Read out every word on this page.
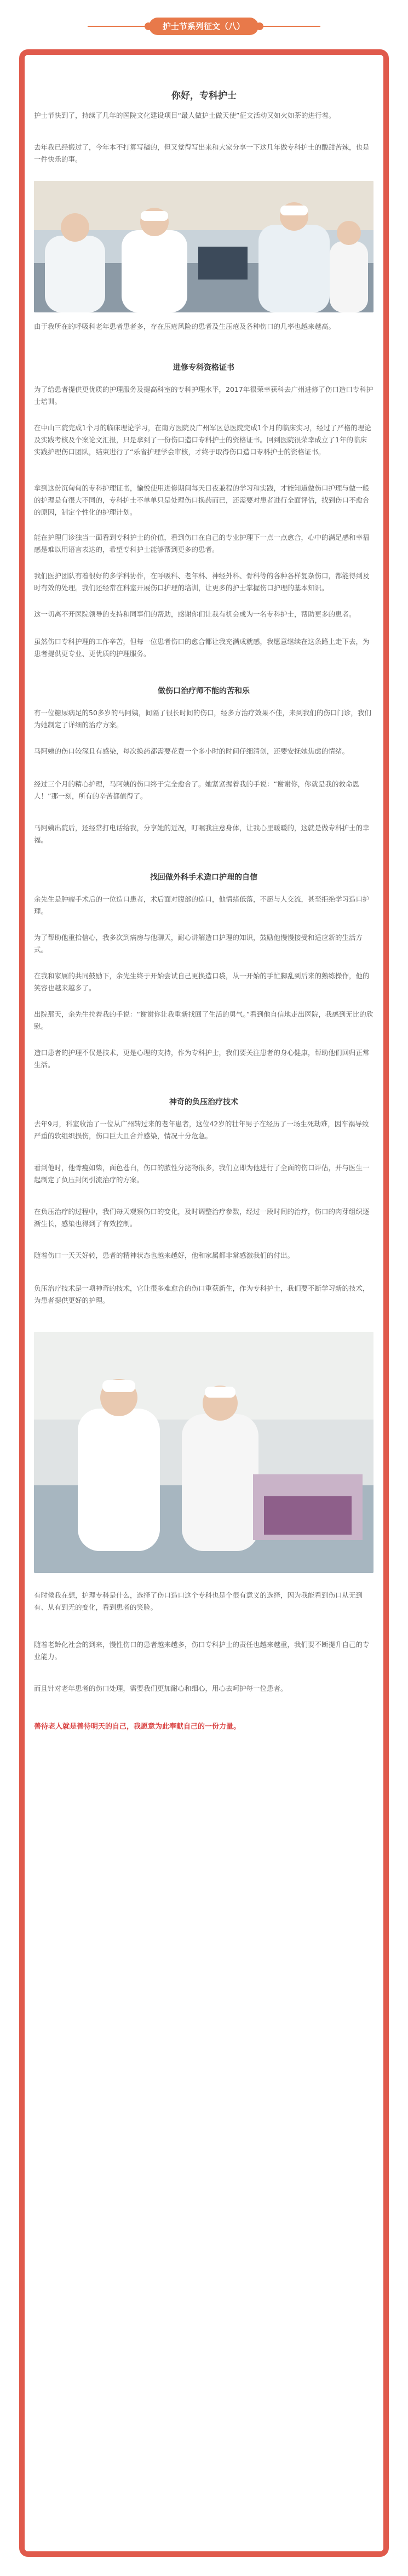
护士节系列征文（八）
你好，专科护士

护士节快到了，持续了几年的医院文化建设项目“最人做护士做天使”征文活动又如火如荼的进行着。

去年我已经搬过了，今年本不打算写稿的，但又觉得写出来和大家分享一下这几年做专科护士的酸甜苦辣，也是一件快乐的事。

由于我所在的呼吸科老年患者患者多，存在压疮风险的患者及生压疮及各种伤口的几率也越来越高。

进修专科资格证书

为了给患者提供更优质的护理服务及提高科室的专科护理水平，2017年很荣幸获科去广州进修了伤口造口专科护士培训。

在中山三院完成1个月的临床理论学习，在南方医院及广州军区总医院完成1个月的临床实习，经过了严格的理论及实践考核及个案论文汇报，只是拿到了一份伤口造口专科护士的资格证书。回到医院很荣幸成立了1年的临床实践护理伤口团队，结束进行了“乐省护理学会审核，才终于取得伤口造口专科护士的资格证书。

拿到这份沉甸甸的专科护理证书，愉悦使用进修期间每天日夜兼程的学习和实践，才能知道做伤口护理与做一般的护理是有很大不同的，专科护士不单单只是处理伤口换药而已，还需要对患者进行全面评估，找到伤口不愈合的原因，制定个性化的护理计划。

能在护理门诊独当一面看到专科护士的价值，看到伤口在自己的专业护理下一点一点愈合，心中的满足感和幸福感是难以用语言表达的，希望专科护士能够帮到更多的患者。

我们医护团队有着很好的多学科协作，在呼吸科、老年科、神经外科、骨科等的各种各样复杂伤口，都能得到及时有效的处理。我们还经常在科室开展伤口护理的培训，让更多的护士掌握伤口护理的基本知识。

这一切离不开医院领导的支持和同事们的帮助，感谢你们让我有机会成为一名专科护士，帮助更多的患者。

虽然伤口专科护理的工作辛苦，但每一位患者伤口的愈合都让我充满成就感，我愿意继续在这条路上走下去，为患者提供更专业、更优质的护理服务。

做伤口治疗师不能的苦和乐

有一位糖尿病足的50多岁的马阿姨，间隔了很长时间的伤口，经多方治疗效果不佳，来到我们的伤口门诊，我们为她制定了详细的治疗方案。

马阿姨的伤口较深且有感染，每次换药都需要花费一个多小时的时间仔细清创，还要安抚她焦虑的情绪。

经过三个月的精心护理，马阿姨的伤口终于完全愈合了。她紧紧握着我的手说：“谢谢你，你就是我的救命恩人！”那一刻，所有的辛苦都值得了。

马阿姨出院后，还经常打电话给我，分享她的近况，叮嘱我注意身体，让我心里暖暖的，这就是做专科护士的幸福。

找回做外科手术造口护理的自信

余先生是肿瘤手术后的一位造口患者，术后面对腹部的造口，他情绪低落，不愿与人交流，甚至拒绝学习造口护理。

为了帮助他重拾信心，我多次到病房与他聊天，耐心讲解造口护理的知识，鼓励他慢慢接受和适应新的生活方式。

在我和家属的共同鼓励下，余先生终于开始尝试自己更换造口袋，从一开始的手忙脚乱到后来的熟练操作，他的笑容也越来越多了。

出院那天，余先生拉着我的手说：“谢谢你让我重新找回了生活的勇气。”看到他自信地走出医院，我感到无比的欣慰。

造口患者的护理不仅是技术，更是心理的支持，作为专科护士，我们要关注患者的身心健康，帮助他们回归正常生活。

神奇的负压治疗技术

去年9月，科室收治了一位从广州转过来的老年患者，这位42岁的壮年男子在经历了一场生死劫难，因车祸导致严重的软组织损伤，伤口巨大且合并感染，情况十分危急。

看到他时，他骨瘦如柴，面色苍白，伤口的脓性分泌物很多，我们立即为他进行了全面的伤口评估，并与医生一起制定了负压封闭引流治疗的方案。

在负压治疗的过程中，我们每天观察伤口的变化，及时调整治疗参数，经过一段时间的治疗，伤口的肉芽组织逐渐生长，感染也得到了有效控制。

随着伤口一天天好转，患者的精神状态也越来越好，他和家属都非常感激我们的付出。

负压治疗技术是一项神奇的技术，它让很多难愈合的伤口重获新生，作为专科护士，我们要不断学习新的技术，为患者提供更好的护理。

有时候我在想，护理专科是什么，选择了伤口造口这个专科也是个很有意义的选择，因为我能看到伤口从无到有、从有到无的变化，看到患者的笑脸。

随着老龄化社会的到来，慢性伤口的患者越来越多，伤口专科护士的责任也越来越重，我们要不断提升自己的专业能力。

而且针对老年患者的伤口处理，需要我们更加耐心和细心，用心去呵护每一位患者。

善待老人就是善待明天的自己，我愿意为此奉献自己的一份力量。
